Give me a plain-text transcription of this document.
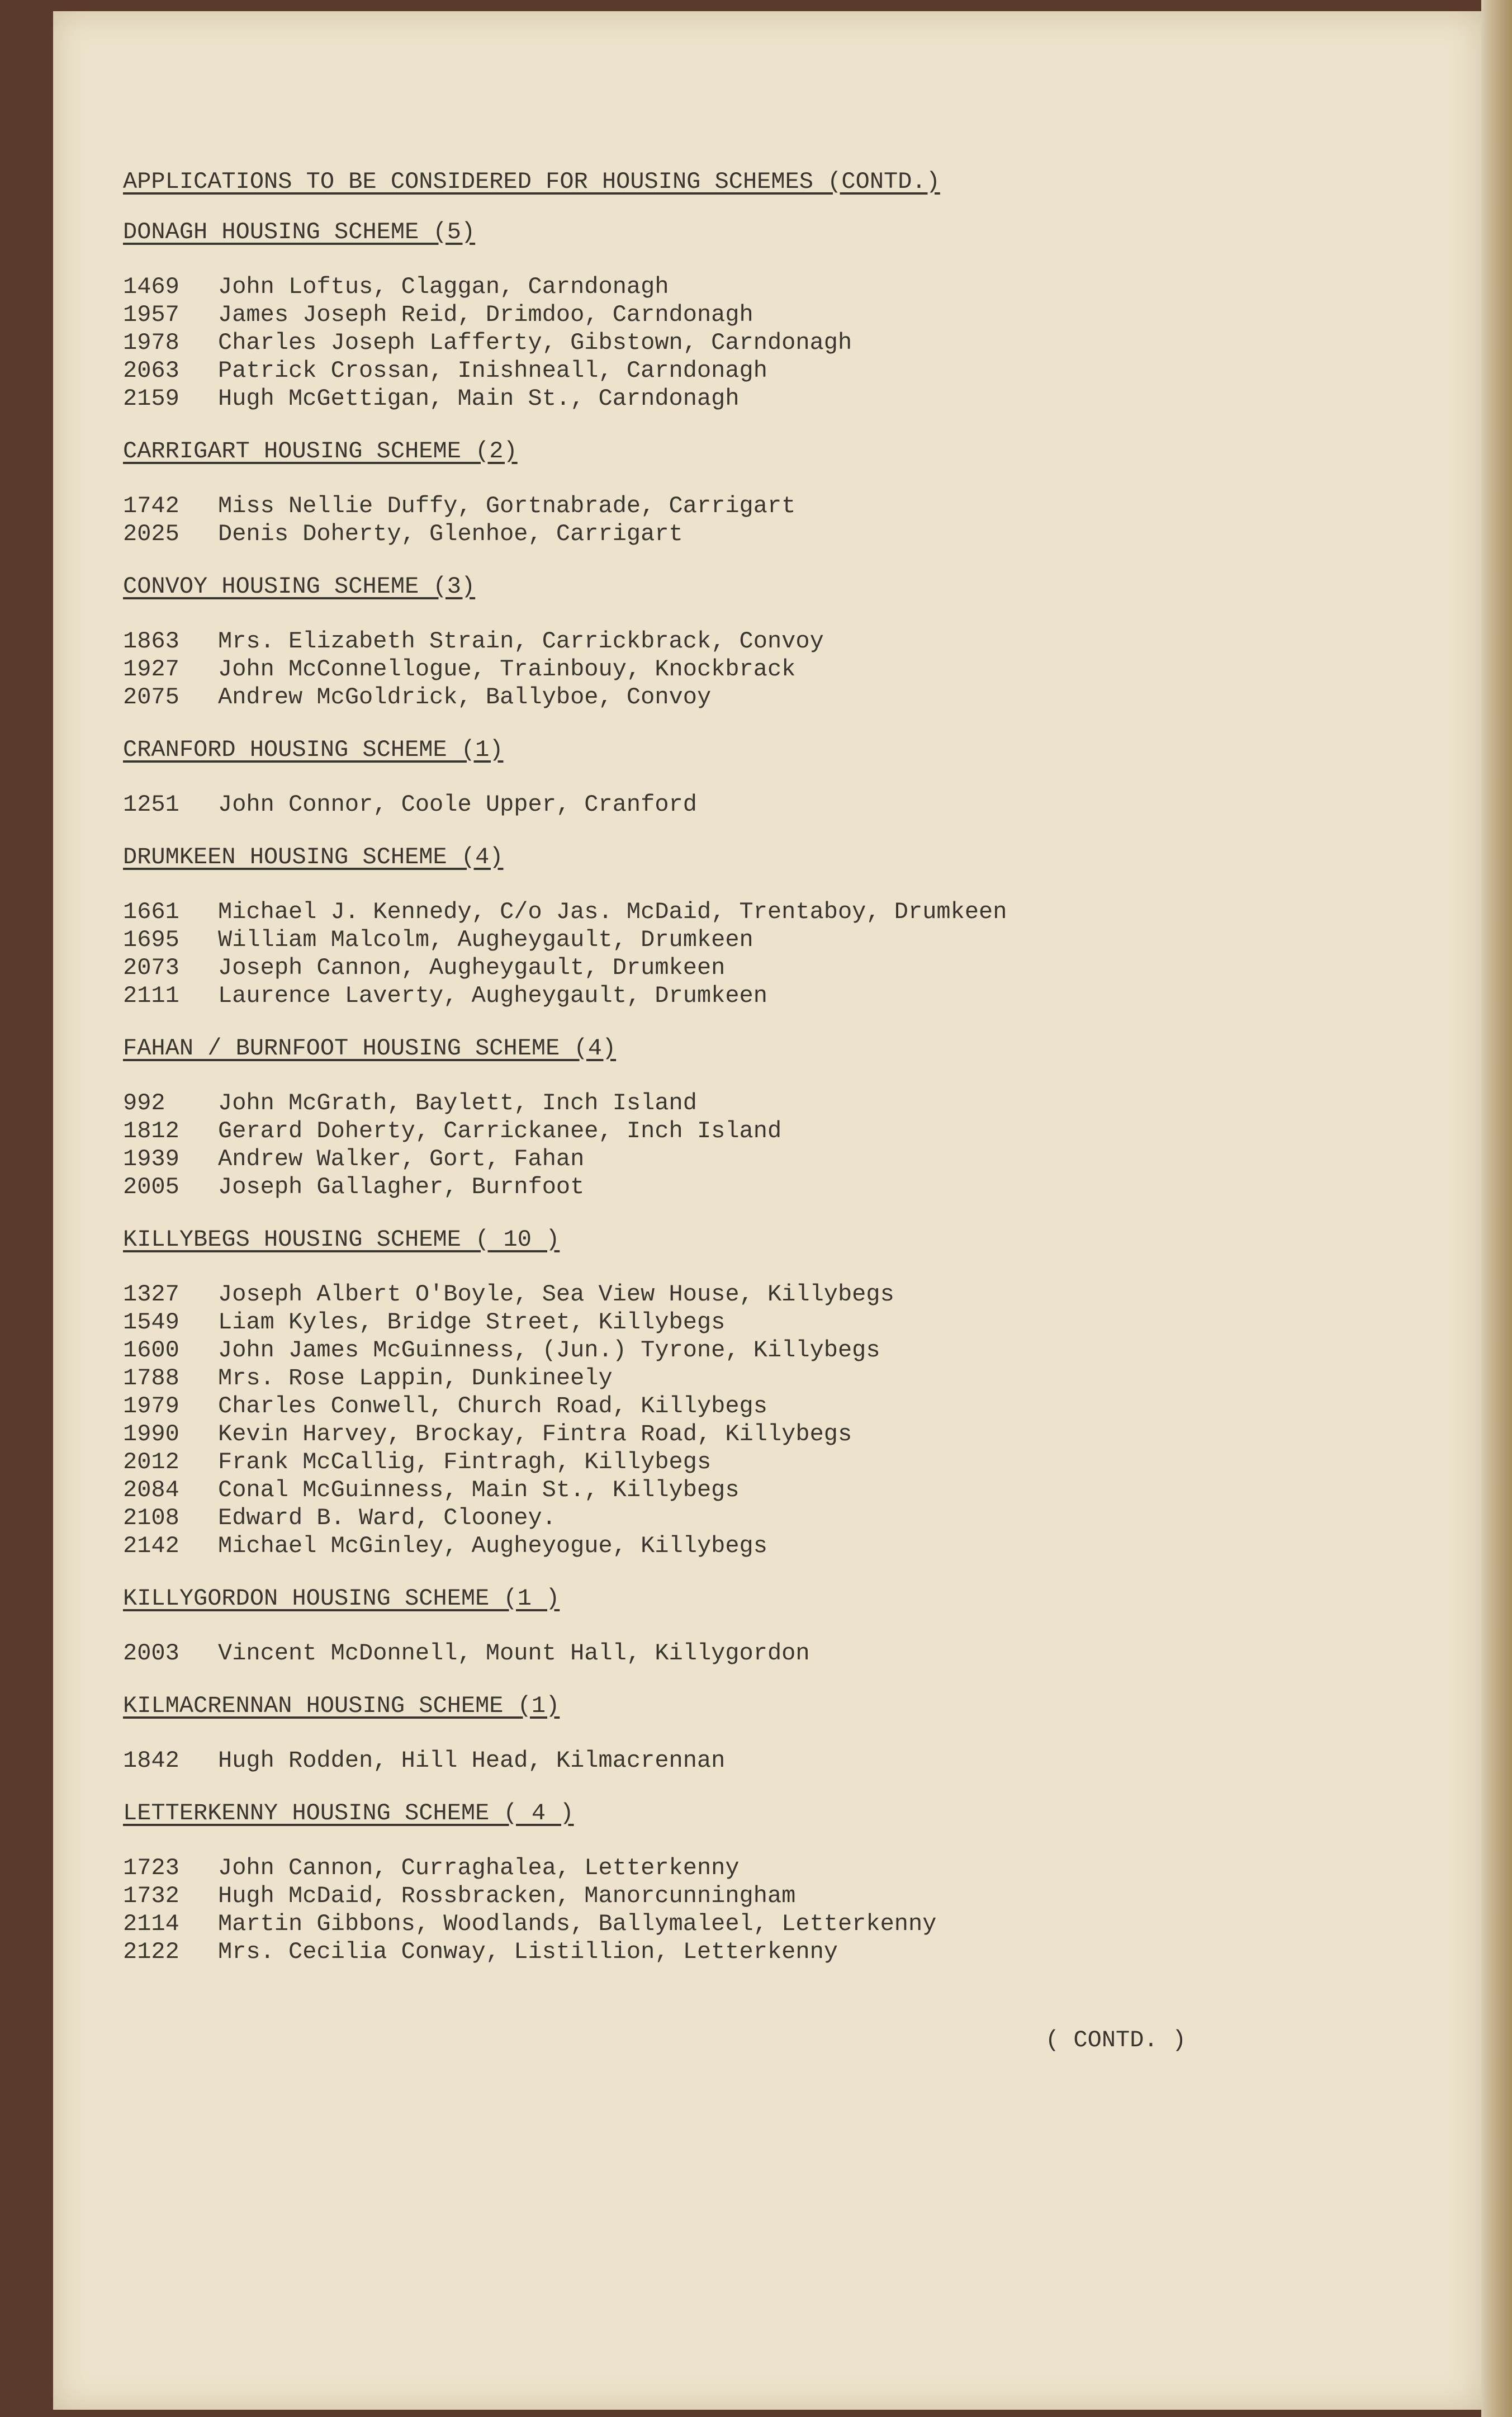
APPLICATIONS TO BE CONSIDERED FOR HOUSING SCHEMES (CONTD.)
DONAGH HOUSING SCHEME (5)
1469	John Loftus, Claggan, Carndonagh
1957	James Joseph Reid, Drimdoo, Carndonagh
1978	Charles Joseph Lafferty, Gibstown, Carndonagh
2063	Patrick Crossan, Inishneall, Carndonagh
2159	Hugh McGettigan, Main St., Carndonagh
CARRIGART HOUSING SCHEME (2)
1742	Miss Nellie Duffy, Gortnabrade, Carrigart
2025	Denis Doherty, Glenhoe, Carrigart
CONVOY HOUSING SCHEME (3)
1863	Mrs. Elizabeth Strain, Carrickbrack, Convoy
1927	John McConnellogue, Trainbouy, Knockbrack
2075	Andrew McGoldrick, Ballyboe, Convoy
CRANFORD HOUSING SCHEME (1)
1251	John Connor, Coole Upper, Cranford
DRUMKEEN HOUSING SCHEME (4)
1661	Michael J. Kennedy, C/o Jas. McDaid, Trentaboy, Drumkeen
1695	William Malcolm, Augheygault, Drumkeen
2073	Joseph Cannon, Augheygault, Drumkeen
2111	Laurence Laverty, Augheygault, Drumkeen
FAHAN / BURNFOOT HOUSING SCHEME (4)
992	John McGrath, Baylett, Inch Island
1812	Gerard Doherty, Carrickanee, Inch Island
1939	Andrew Walker, Gort, Fahan
2005	Joseph Gallagher, Burnfoot
KILLYBEGS HOUSING SCHEME ( 10 )
1327	Joseph Albert O'Boyle, Sea View House, Killybegs
1549	Liam Kyles, Bridge Street, Killybegs
1600	John James McGuinness, (Jun.) Tyrone, Killybegs
1788	Mrs. Rose Lappin, Dunkineely
1979	Charles Conwell, Church Road, Killybegs
1990	Kevin Harvey, Brockay, Fintra Road, Killybegs
2012	Frank McCallig, Fintragh, Killybegs
2084	Conal McGuinness, Main St., Killybegs
2108	Edward B. Ward, Clooney.
2142	Michael McGinley, Augheyogue, Killybegs
KILLYGORDON HOUSING SCHEME (1 )
2003	Vincent McDonnell, Mount Hall, Killygordon
KILMACRENNAN HOUSING SCHEME (1)
1842	Hugh Rodden, Hill Head, Kilmacrennan
LETTERKENNY HOUSING SCHEME ( 4 )
1723	John Cannon, Curraghalea, Letterkenny
1732	Hugh McDaid, Rossbracken, Manorcunningham
2114	Martin Gibbons, Woodlands, Ballymaleel, Letterkenny
2122	Mrs. Cecilia Conway, Listillion, Letterkenny
( CONTD. )
